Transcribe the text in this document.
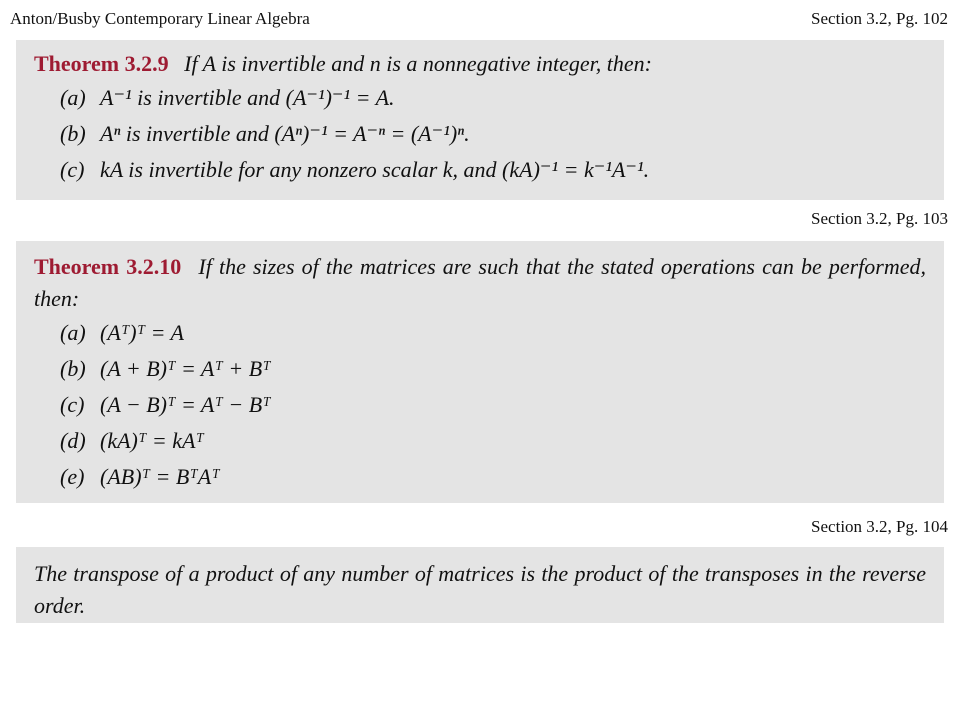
Anton/Busby Contemporary Linear Algebra	Section 3.2, Pg. 102
Theorem 3.2.9 If A is invertible and n is a nonnegative integer, then:
(a) A⁻¹ is invertible and (A⁻¹)⁻¹ = A.
(b) Aⁿ is invertible and (Aⁿ)⁻¹ = A⁻ⁿ = (A⁻¹)ⁿ.
(c) kA is invertible for any nonzero scalar k, and (kA)⁻¹ = k⁻¹A⁻¹.
Section 3.2, Pg. 103
Theorem 3.2.10 If the sizes of the matrices are such that the stated operations can be performed, then:
(a) (Aᵀ)ᵀ = A
(b) (A + B)ᵀ = Aᵀ + Bᵀ
(c) (A − B)ᵀ = Aᵀ − Bᵀ
(d) (kA)ᵀ = kAᵀ
(e) (AB)ᵀ = BᵀAᵀ
Section 3.2, Pg. 104
The transpose of a product of any number of matrices is the product of the transposes in the reverse order.
